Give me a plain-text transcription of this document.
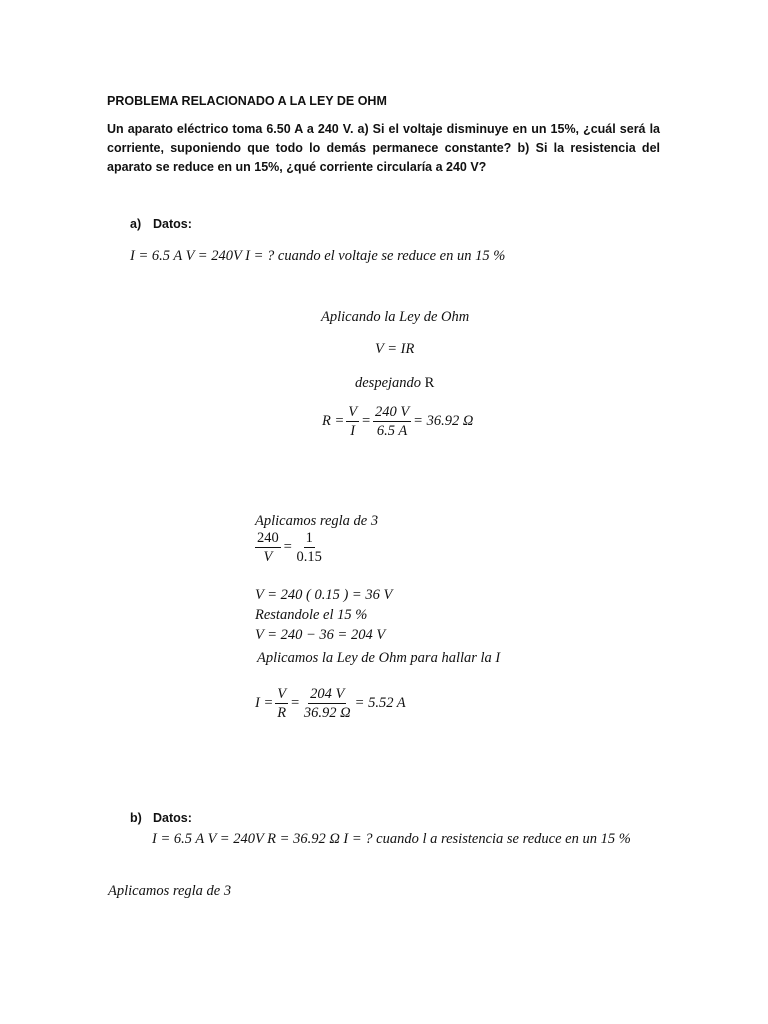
PROBLEMA RELACIONADO A LA LEY DE OHM
Un aparato eléctrico toma 6.50 A a 240 V. a) Si el voltaje disminuye en un 15%, ¿cuál será la corriente, suponiendo que todo lo demás permanece constante? b) Si la resistencia del aparato se reduce en un 15%, ¿qué corriente circularía a 240 V?
a) Datos:
I = 6.5 A V = 240V I = ? cuando el voltaje se reduce en un 15 %
Aplicando la Ley de Ohm
V = IR
despejando R
$R = \frac{V}{I} = \frac{240 V}{6.5 A} = 36.92$ Ω
Aplicamos regla de 3
$\frac{240}{V} = \frac{1}{0.15}$
V = 240 ( 0.15 ) = 36 V
Restandole el 15 %
V = 240 − 36 = 204 V
Aplicamos la Ley de Ohm para hallar la I
$I = \frac{V}{R} = \frac{204 V}{36.92 \Omega} = 5.52$ A
b) Datos:
I = 6.5 A V = 240V R = 36.92 Ω I = ? cuando l a resistencia se reduce en un 15 %
Aplicamos regla de 3
